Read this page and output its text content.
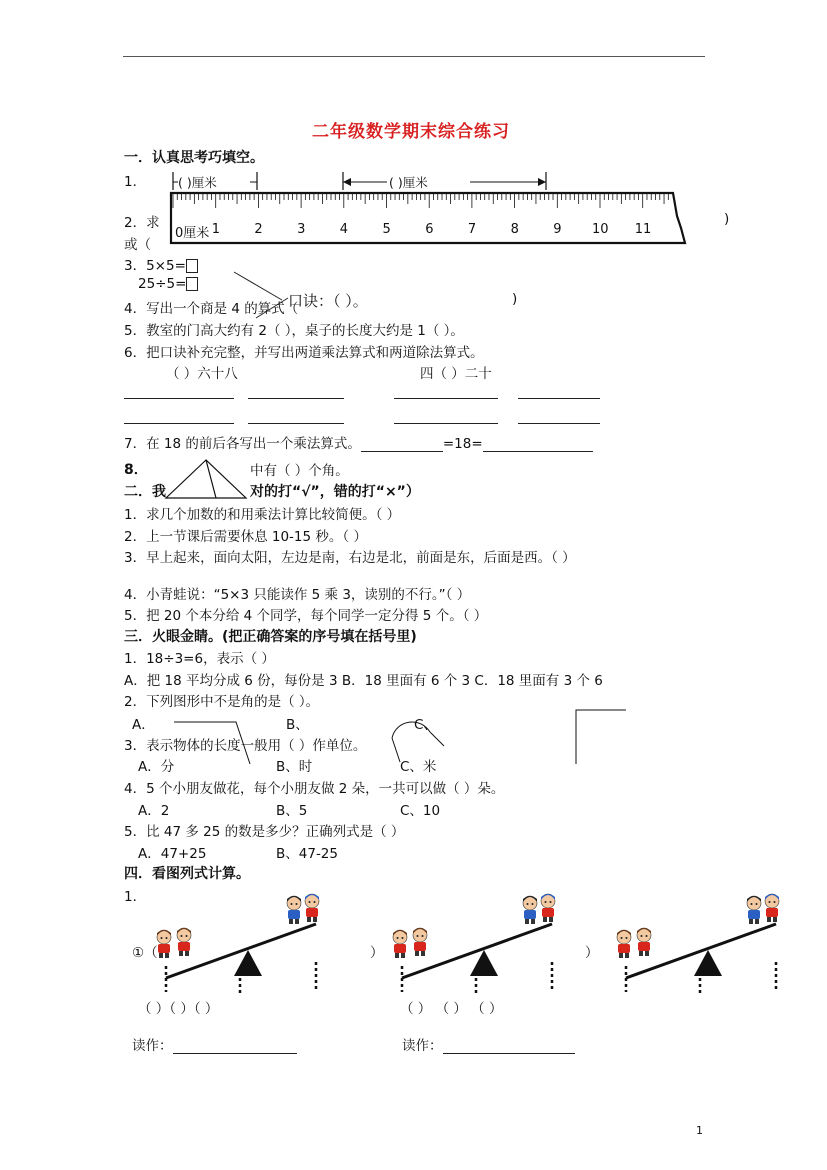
二年级数学期末综合练习
一．认真思考巧填空。
1．	( )厘米	( )厘米
0厘米 1	2	3	4	5	6	7	8	9 10 11
2．求	)
或（
3．5×5=
25÷5=
4．写出一个商是 4 的算式（
口诀：（ ）。	)
5．教室的门高大约有 2（ ），桌子的长度大约是 1（ ）。
6．把口诀补充完整，并写出两道乘法算式和两道除法算式。
（ ）六十八	四（ ）二十
7．在 18 的前后各写出一个乘法算式。	=18=
8．	中有（ ）个角。
二．我	对的打“√”，错的打“×”）
1．求几个加数的和用乘法计算比较简便。（ ）
2．上一节课后需要休息 10-15 秒。（ ）
3．早上起来，面向太阳，左边是南，右边是北，前面是东，后面是西。（ ）
4．小青蛙说：“5×3 只能读作 5 乘 3，读别的不行。”（ ）
5．把 20 个本分给 4 个同学，每个同学一定分得 5 个。（ ）
三．火眼金睛。(把正确答案的序号填在括号里)
1．18÷3=6，表示（ ）
A．把 18 平均分成 6 份，每份是 3 B．18 里面有 6 个 3 C．18 里面有 3 个 6
2．下列图形中不是角的是（ ）。
A．	B、	C、
3．表示物体的长度一般用（ ）作单位。
A．分	B、时	C、米
4．5 个小朋友做花，每个小朋友做 2 朵，一共可以做（ ）朵。
A．2	B、5	C、10
5．比 47 多 25 的数是多少？正确列式是（ ）
A．47+25	B、47-25
四．看图列式计算。
1．
①（	）	）
（ ）（ ）（ ）	（ ） （ ） （ ）
读作：	读作：
1
